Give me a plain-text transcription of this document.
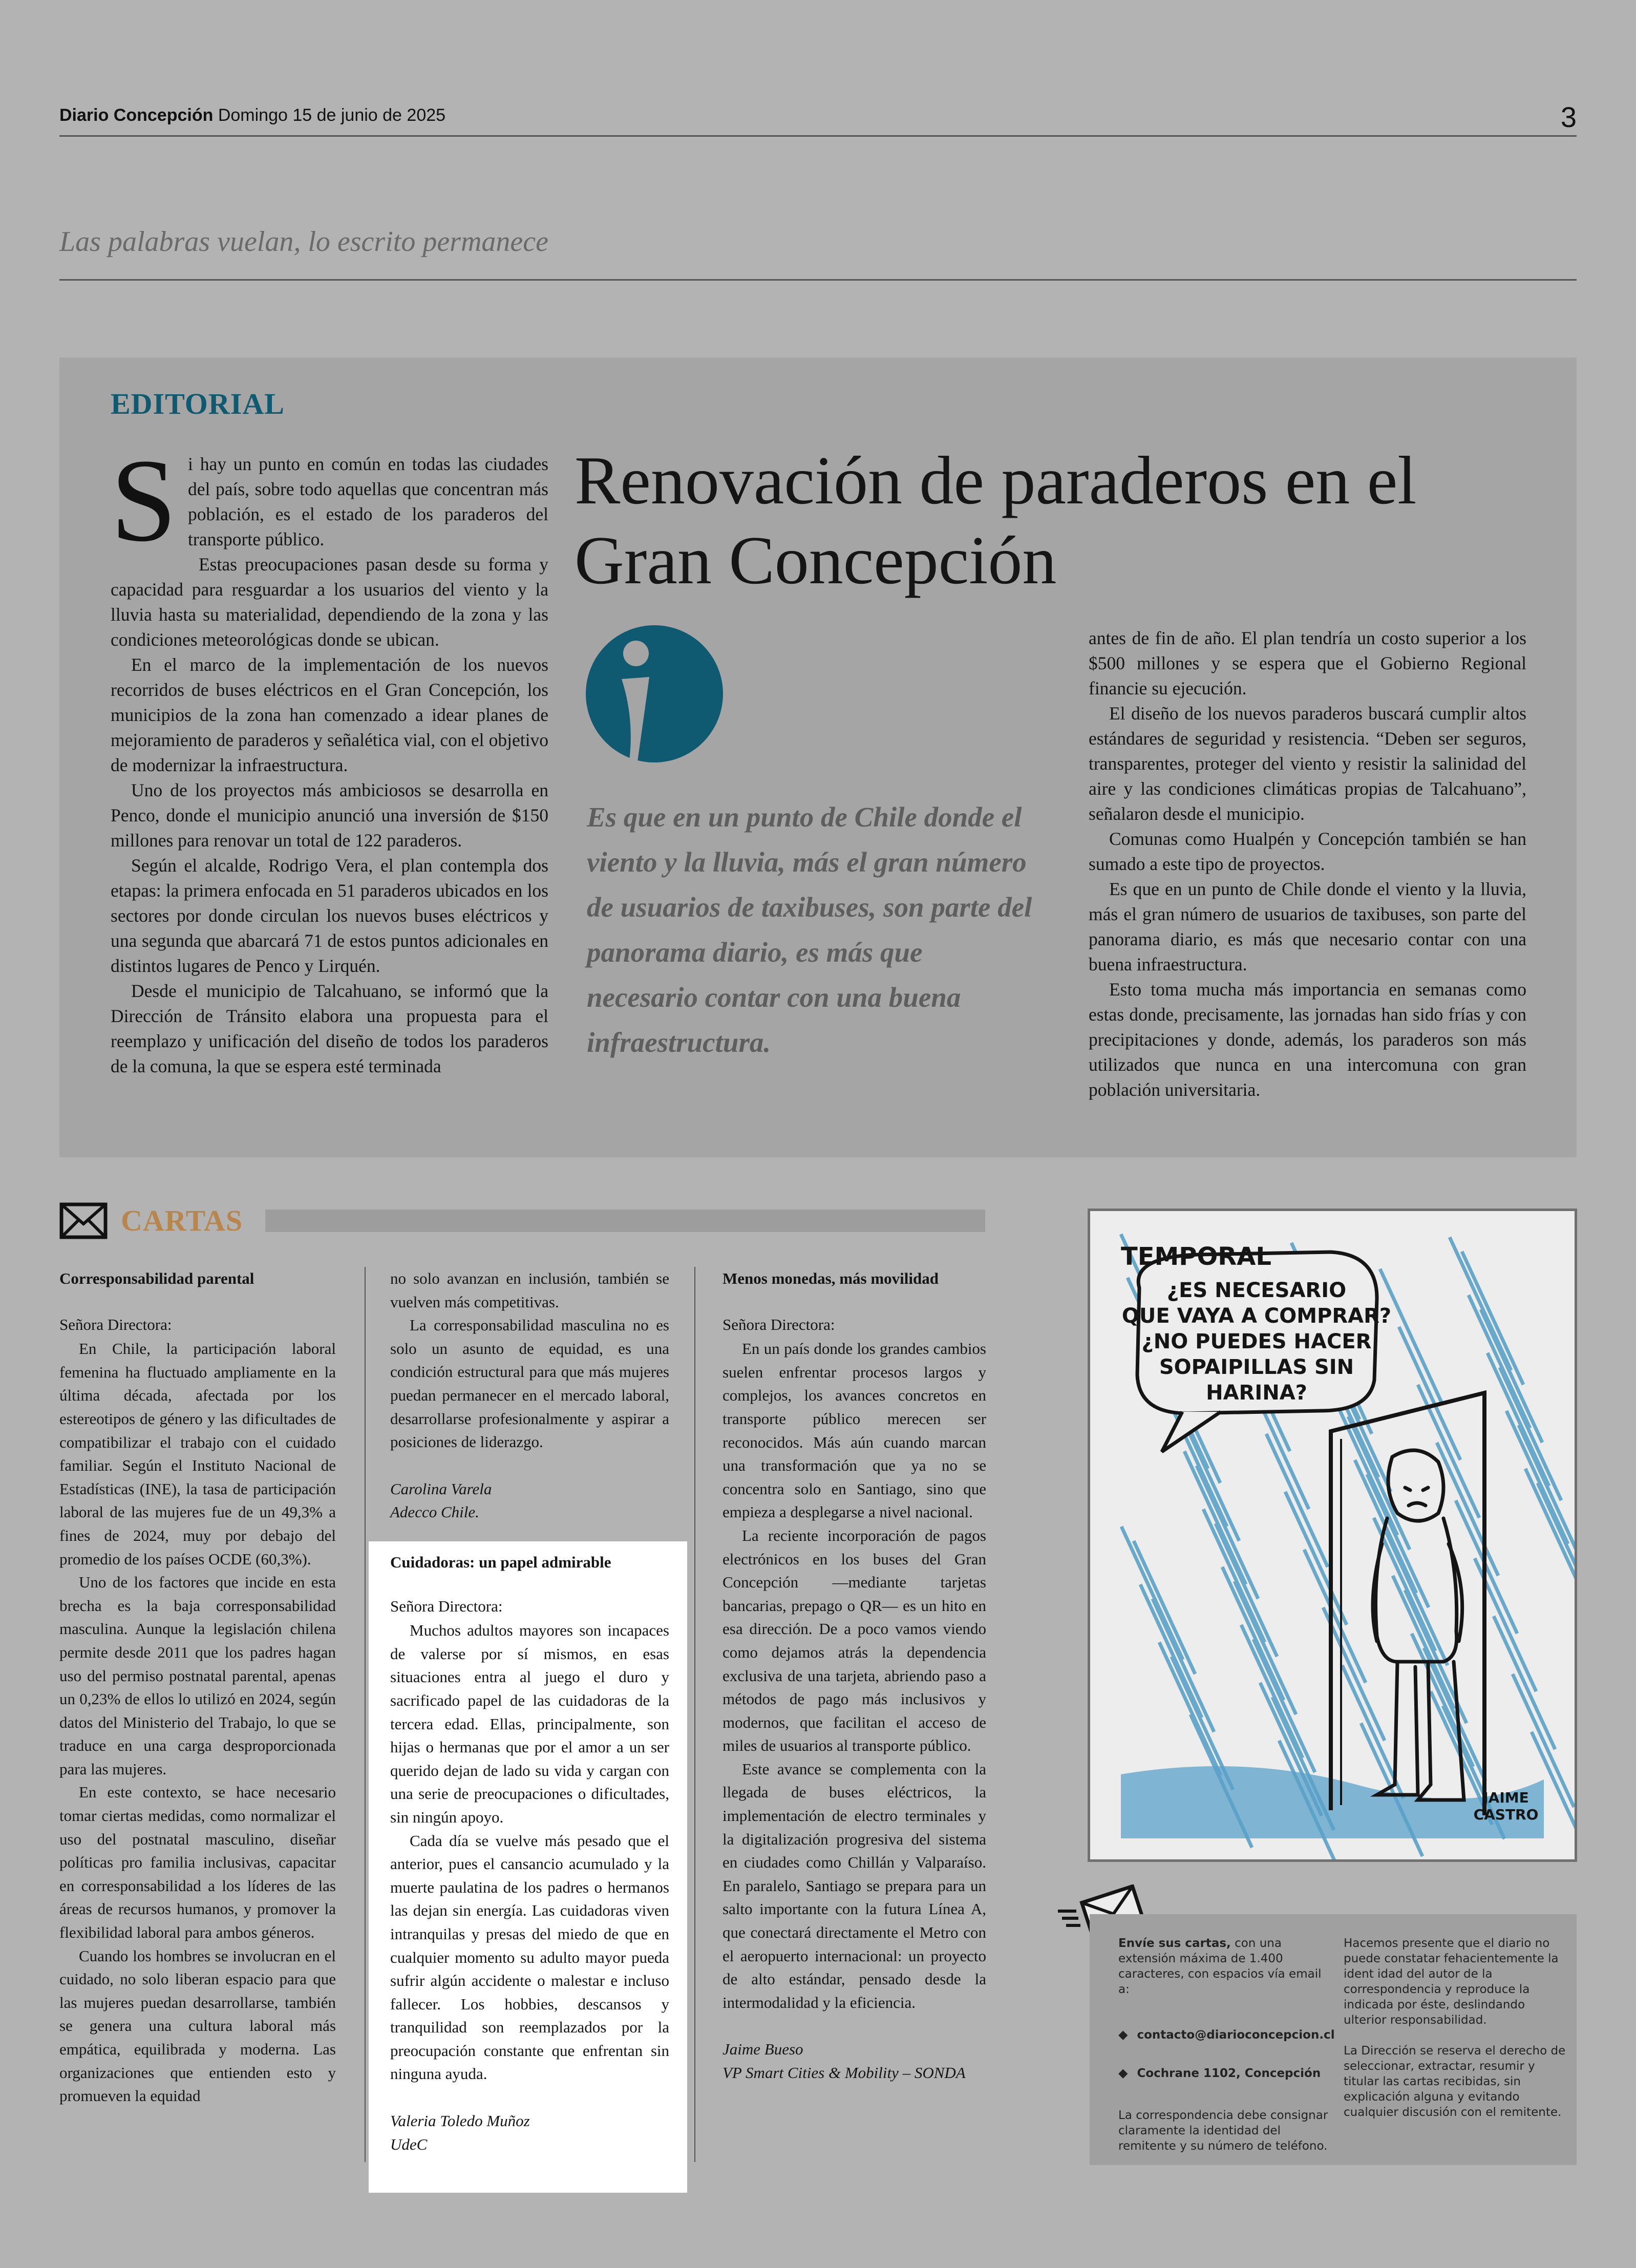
Diario Concepción Domingo 15 de junio de 2025	3
Las palabras vuelan, lo escrito permanece
EDITORIAL

Si hay un punto en común en todas las ciudades del país, sobre todo aquellas que concentran más población, es el estado de los paraderos del transporte público.

Estas preocupaciones pasan desde su forma y capacidad para resguardar a los usuarios del viento y la lluvia hasta su materialidad, dependiendo de la zona y las condiciones meteorológicas donde se ubican.

En el marco de la implementación de los nuevos recorridos de buses eléctricos en el Gran Concepción, los municipios de la zona han comenzado a idear planes de mejoramiento de paraderos y señalética vial, con el objetivo de modernizar la infraestructura.

Uno de los proyectos más ambiciosos se desarrolla en Penco, donde el municipio anunció una inversión de $150 millones para renovar un total de 122 paraderos.

Según el alcalde, Rodrigo Vera, el plan contempla dos etapas: la primera enfocada en 51 paraderos ubicados en los sectores por donde circulan los nuevos buses eléctricos y una segunda que abarcará 71 de estos puntos adicionales en distintos lugares de Penco y Lirquén.

Desde el municipio de Talcahuano, se informó que la Dirección de Tránsito elabora una propuesta para el reemplazo y unificación del diseño de todos los paraderos de la comuna, la que se espera esté terminada

Renovación de paraderos en el
Gran Concepción
Es que en un punto de Chile donde el viento y la lluvia, más el gran número de usuarios de taxibuses, son parte del panorama diario, es más que necesario contar con una buena infraestructura.

antes de fin de año. El plan tendría un costo superior a los $500 millones y se espera que el Gobierno Regional financie su ejecución.

El diseño de los nuevos paraderos buscará cumplir altos estándares de seguridad y resistencia. “Deben ser seguros, transparentes, proteger del viento y resistir la salinidad del aire y las condiciones climáticas propias de Talcahuano”, señalaron desde el municipio.

Comunas como Hualpén y Concepción también se han sumado a este tipo de proyectos.

Es que en un punto de Chile donde el viento y la lluvia, más el gran número de usuarios de taxibuses, son parte del panorama diario, es más que necesario contar con una buena infraestructura.

Esto toma mucha más importancia en semanas como estas donde, precisamente, las jornadas han sido frías y con precipitaciones y donde, además, los paraderos son más utilizados que nunca en una intercomuna con gran población universitaria.

CARTAS

Corresponsabilidad parental

Señora Directora:

En Chile, la participación laboral femenina ha fluctuado ampliamente en la última década, afectada por los estereotipos de género y las dificultades de compatibilizar el trabajo con el cuidado familiar. Según el Instituto Nacional de Estadísticas (INE), la tasa de participación laboral de las mujeres fue de un 49,3% a fines de 2024, muy por debajo del promedio de los países OCDE (60,3%).

Uno de los factores que incide en esta brecha es la baja corresponsabilidad masculina. Aunque la legislación chilena permite desde 2011 que los padres hagan uso del permiso postnatal parental, apenas un 0,23% de ellos lo utilizó en 2024, según datos del Ministerio del Trabajo, lo que se traduce en una carga desproporcionada para las mujeres.

En este contexto, se hace necesario tomar ciertas medidas, como normalizar el uso del postnatal masculino, diseñar políticas pro familia inclusivas, capacitar en corresponsabilidad a los líderes de las áreas de recursos humanos, y promover la flexibilidad laboral para ambos géneros.

Cuando los hombres se involucran en el cuidado, no solo liberan espacio para que las mujeres puedan desarrollarse, también se genera una cultura laboral más empática, equilibrada y moderna. Las organizaciones que entienden esto y promueven la equidad

no solo avanzan en inclusión, también se vuelven más competitivas.

La corresponsabilidad masculina no es solo un asunto de equidad, es una condición estructural para que más mujeres puedan permanecer en el mercado laboral, desarrollarse profesionalmente y aspirar a posiciones de liderazgo.

Carolina Varela

Adecco Chile.

Cuidadoras: un papel admirable

Señora Directora:

Muchos adultos mayores son incapaces de valerse por sí mismos, en esas situaciones entra al juego el duro y sacrificado papel de las cuidadoras de la tercera edad. Ellas, principalmente, son hijas o hermanas que por el amor a un ser querido dejan de lado su vida y cargan con una serie de preocupaciones o dificultades, sin ningún apoyo.

Cada día se vuelve más pesado que el anterior, pues el cansancio acumulado y la muerte paulatina de los padres o hermanos las dejan sin energía. Las cuidadoras viven intranquilas y presas del miedo de que en cualquier momento su adulto mayor pueda sufrir algún accidente o malestar e incluso fallecer. Los hobbies, descansos y tranquilidad son reemplazados por la preocupación constante que enfrentan sin ninguna ayuda.

Valeria Toledo Muñoz

UdeC

Menos monedas, más movilidad

Señora Directora:

En un país donde los grandes cambios suelen enfrentar procesos largos y complejos, los avances concretos en transporte público merecen ser reconocidos. Más aún cuando marcan una transformación que ya no se concentra solo en Santiago, sino que empieza a desplegarse a nivel nacional.

La reciente incorporación de pagos electrónicos en los buses del Gran Concepción —mediante tarjetas bancarias, prepago o QR— es un hito en esa dirección. De a poco vamos viendo como dejamos atrás la dependencia exclusiva de una tarjeta, abriendo paso a métodos de pago más inclusivos y modernos, que facilitan el acceso de miles de usuarios al transporte público.

Este avance se complementa con la llegada de buses eléctricos, la implementación de electro terminales y la digitalización progresiva del sistema en ciudades como Chillán y Valparaíso. En paralelo, Santiago se prepara para un salto importante con la futura Línea A, que conectará directamente el Metro con el aeropuerto internacional: un proyecto de alto estándar, pensado desde la intermodalidad y la eficiencia.

Jaime Bueso

VP Smart Cities & Mobility – SONDA

TEMPORAL
¿ES NECESARIO
QUE VAYA A COMPRAR?
¿NO PUEDES HACER
SOPAIPILLAS SIN
HARINA?
JAIME
CASTRO
Envíe sus cartas, con una extensión máxima de 1.400 caracteres, con espacios vía email a:
◆ contacto@diarioconcepcion.cl
◆ Cochrane 1102, Concepción
La correspondencia debe consignar claramente la identidad del remitente y su número de teléfono.
Hacemos presente que el diario no puede constatar fehacientemente la ident idad del autor de la correspondencia y reproduce la indicada por éste, deslindando ulterior responsabilidad.
La Dirección se reserva el derecho de seleccionar, extractar, resumir y titular las cartas recibidas, sin explicación alguna y evitando cualquier discusión con el remitente.
